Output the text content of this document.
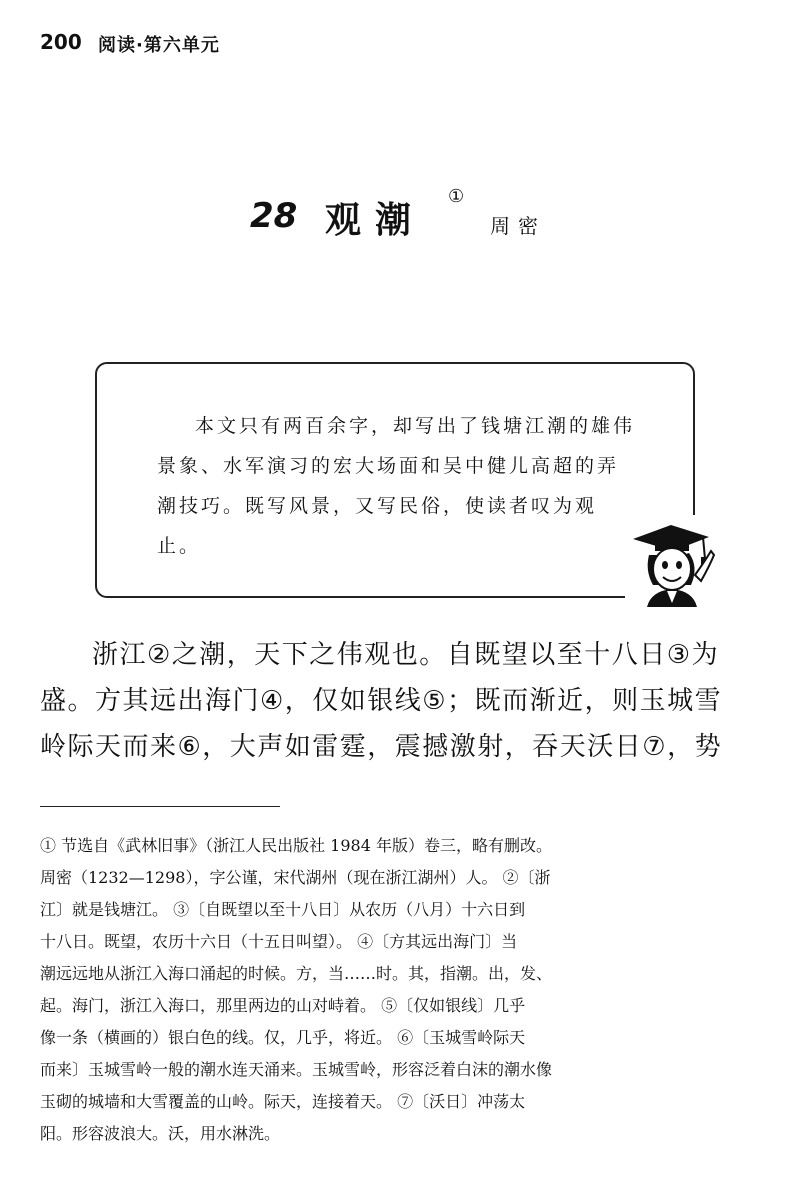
200 阅读·第六单元
28 观潮
①
周密
本文只有两百余字，却写出了钱塘江潮的雄伟景象、水军演习的宏大场面和吴中健儿高超的弄潮技巧。既写风景，又写民俗，使读者叹为观止。
浙江②之潮，天下之伟观也。自既望以至十八日③为
盛。方其远出海门④，仅如银线⑤；既而渐近，则玉城雪
岭际天而来⑥，大声如雷霆，震撼激射，吞天沃日⑦，势
① 节选自《武林旧事》（浙江人民出版社 1984 年版）卷三，略有删改。
周密（1232—1298），字公谨，宋代湖州（现在浙江湖州）人。 ②〔浙
江〕就是钱塘江。 ③〔自既望以至十八日〕从农历（八月）十六日到
十八日。既望，农历十六日（十五日叫望）。 ④〔方其远出海门〕当
潮远远地从浙江入海口涌起的时候。方，当……时。其，指潮。出，发、
起。海门，浙江入海口，那里两边的山对峙着。 ⑤〔仅如银线〕几乎
像一条（横画的）银白色的线。仅，几乎，将近。 ⑥〔玉城雪岭际天
而来〕玉城雪岭一般的潮水连天涌来。玉城雪岭，形容泛着白沫的潮水像
玉砌的城墙和大雪覆盖的山岭。际天，连接着天。 ⑦〔沃日〕冲荡太
阳。形容波浪大。沃，用水淋洗。
